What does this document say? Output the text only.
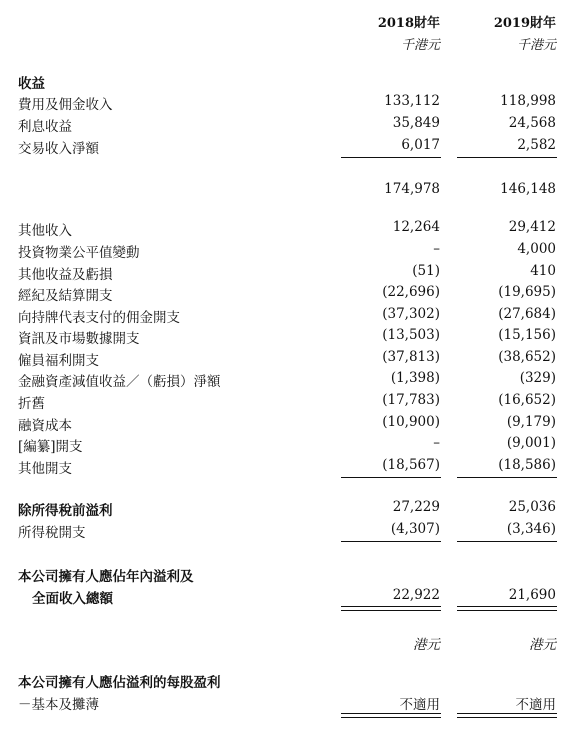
2018財年	2019財年
千港元	千港元
收益
費用及佣金收入	133,112	118,998
利息收益	35,849	24,568
交易收入淨額	6,017	2,582
174,978	146,148
其他收入	12,264	29,412
投資物業公平值變動	–	4,000
其他收益及虧損	(51)	410
經紀及結算開支	(22,696)	(19,695)
向持牌代表支付的佣金開支	(37,302)	(27,684)
資訊及市場數據開支	(13,503)	(15,156)
僱員福利開支	(37,813)	(38,652)
金融資產減值收益／（虧損）淨額	(1,398)	(329)
折舊	(17,783)	(16,652)
融資成本	(10,900)	(9,179)
[編纂]開支	–	(9,001)
其他開支	(18,567)	(18,586)
除所得稅前溢利	27,229	25,036
所得稅開支	(4,307)	(3,346)
本公司擁有人應佔年內溢利及
全面收入總額	22,922	21,690
港元	港元
本公司擁有人應佔溢利的每股盈利
－基本及攤薄	不適用	不適用
